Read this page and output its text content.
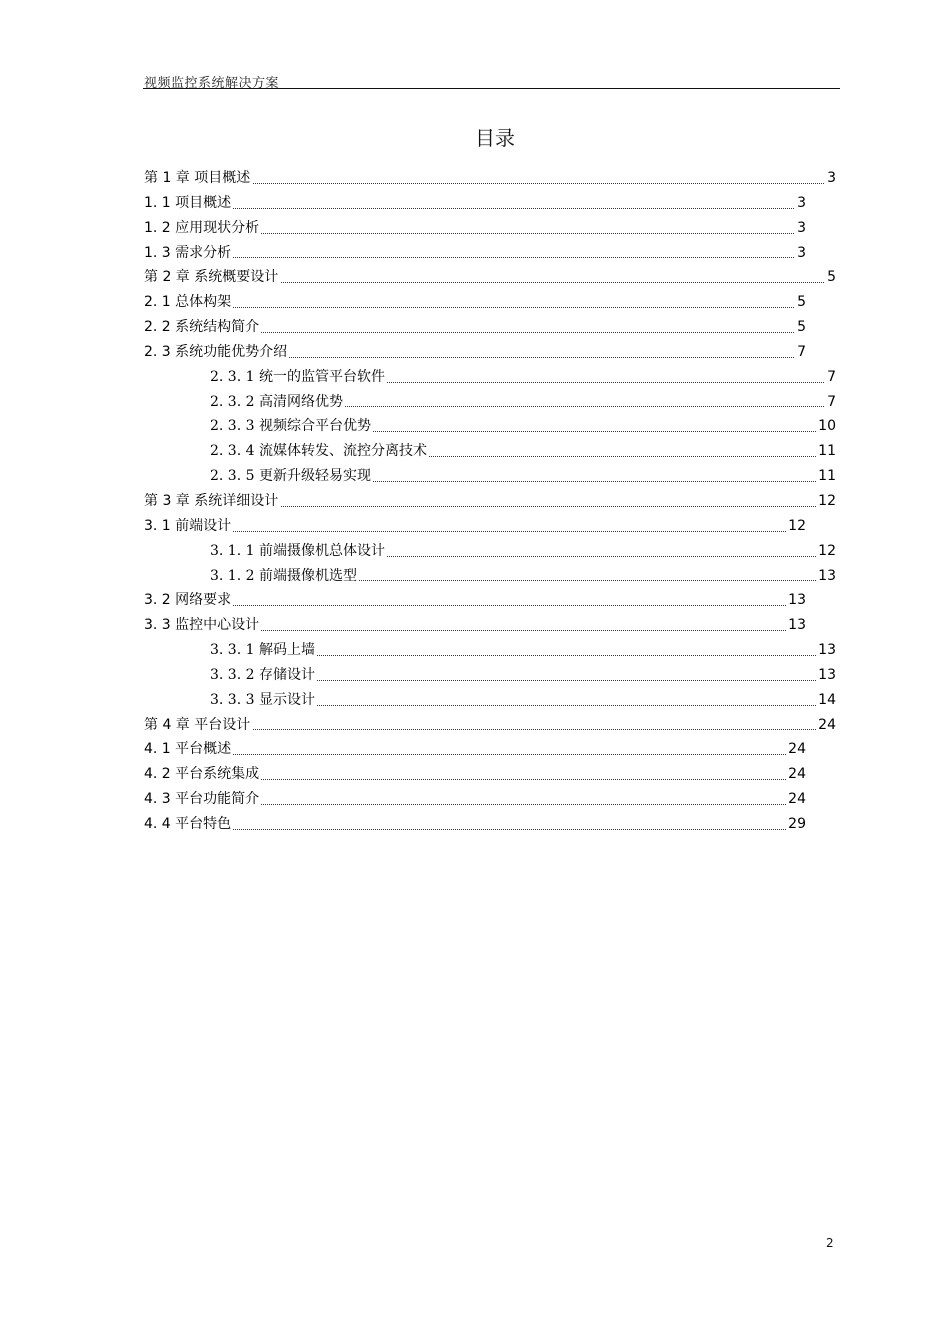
视频监控系统解决方案
目录
第 1 章 项目概述	3
1. 1 项目概述	3
1. 2 应用现状分析	3
1. 3 需求分析	3
第 2 章 系统概要设计	5
2. 1 总体构架	5
2. 2 系统结构简介	5
2. 3 系统功能优势介绍	7
2. 3. 1 统一的监管平台软件	7
2. 3. 2 高清网络优势	7
2. 3. 3 视频综合平台优势	10
2. 3. 4 流媒体转发、流控分离技术	11
2. 3. 5 更新升级轻易实现	11
第 3 章 系统详细设计	12
3. 1 前端设计	12
3. 1. 1 前端摄像机总体设计	12
3. 1. 2 前端摄像机选型	13
3. 2 网络要求	13
3. 3 监控中心设计	13
3. 3. 1 解码上墙	13
3. 3. 2 存储设计	13
3. 3. 3 显示设计	14
第 4 章 平台设计	24
4. 1 平台概述	24
4. 2 平台系统集成	24
4. 3 平台功能简介	24
4. 4 平台特色	29
2
